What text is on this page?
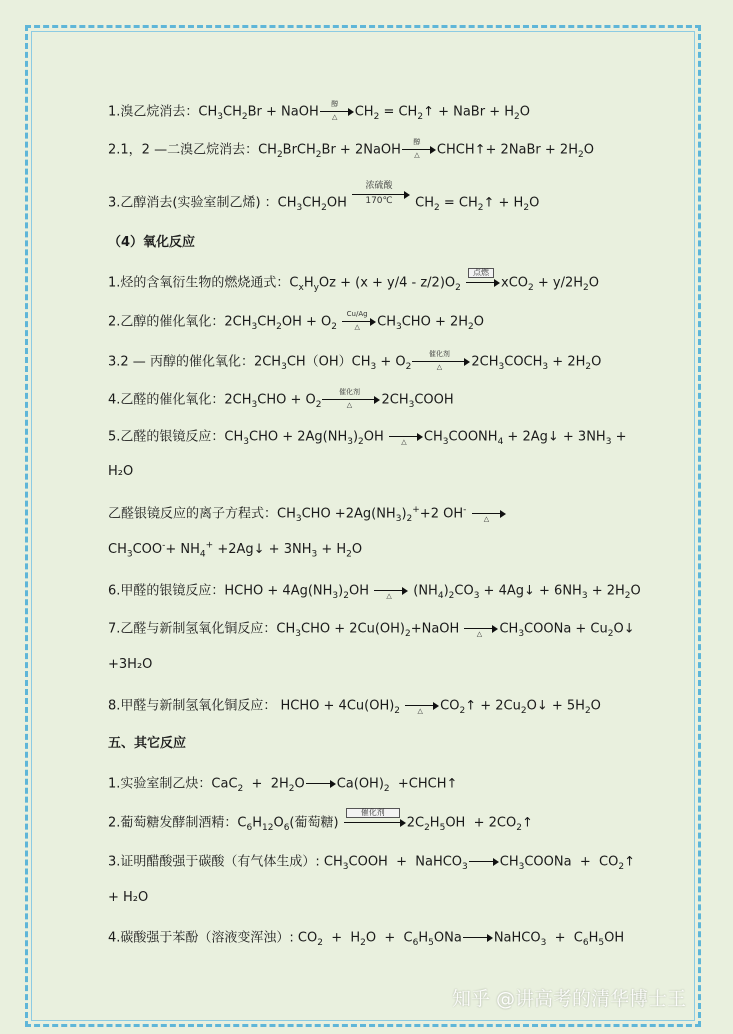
1.溴乙烷消去：$CH_3CH_2Br$ + NaOH
醇
△	$CH_2$ = $CH_2↑$ + NaBr + $H_2O$
2.1，2 —二溴乙烷消去：$CH_2BrCH_2Br$ + 2NaOH
醇
△	CHCH↑+ 2NaBr + $2H_2O$
3.乙醇消去(实验室制乙烯) ：$CH_3CH_2OH$
浓硫酸
170℃	$CH_2$ = $CH_2↑ + H_2O$
（4）氧化反应
1.烃的含氧衍生物的燃烧通式：$C_xH_yOz + (x + y/4 - z/2)O_2$
点燃
$xCO_2 + y/2H_2O$
2.乙醇的催化氧化：$2CH_3CH_2OH + O_2$
Cu/Ag
△	$CH_3CHO + 2H_2O$
3.2 — 丙醇的催化氧化：$2CH_3CH(OH)CH_3 + O_2$
催化剂
△	$2CH_3COCH_3 + 2H_2O$
4.乙醛的催化氧化：$2CH_3CHO + O_2$
催化剂
△	$2CH_3COOH$
5.乙醛的银镜反应：$CH_3CHO + 2Ag(NH_3)_2OH$	△	$CH_3COONH_4$ + 2Ag↓ + $3NH_3$ +
H₂O
乙醛银镜反应的离子方程式：$CH_3CHO +2Ag(NH_3)_2^++2$ OH-
△
$CH_3COO^-+ NH_4^+$ +2Ag↓ + $3NH_3 + H_2O$
6.甲醛的银镜反应：HCHO + $4Ag(NH_3)_2OH$	△	$(NH_4)_2CO_3$ + 4Ag↓ + $6NH_3 + 2H_2O$
7.乙醛与新制氢氧化铜反应：$CH_3CHO$ + $2Cu(OH)_2+NaOH$	△	$CH_3COONa$ + $Cu_2O↓$
+3H₂O
8.甲醛与新制氢氧化铜反应： HCHO + $4Cu(OH)_2$	△	$CO_2↑$ + $2Cu_2O↓ + 5H_2O$
五、其它反应
1.实验室制乙炔：$CaC_2 + 2H_2O$ $Ca(OH)_2$  +CHCH↑
2.葡萄糖发酵制酒精：$C_6H_{12}O_6$(葡萄糖)
催化剂
$2C_2H_5OH$  + $2CO_2↑$
3.证明醋酸强于碳酸（有气体生成）: $CH_3COOH$  +  NaHCO$_3$ $CH_3COONa$  +  $CO_2↑$
+ H₂O
4.碳酸强于苯酚（溶液变浑浊）: $CO_2 + H_2O + C_6H_5ONa$ NaHCO$_3$  +  $C_6H_5OH$
知乎 @讲高考的清华博士王
